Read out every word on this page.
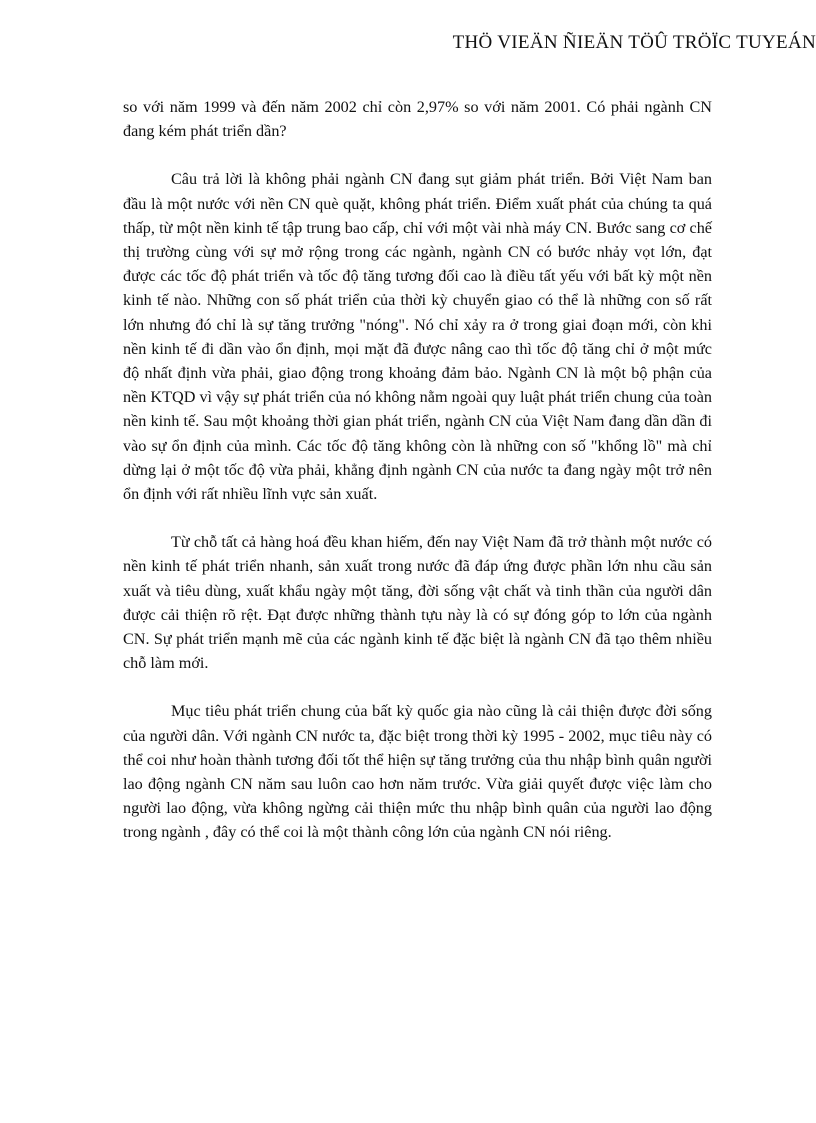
THÖ VIEÄN ÑIEÄN TÖÛ TRÖÏC TUYEÁN

so với năm 1999 và đến năm 2002 chỉ còn 2,97% so với năm 2001. Có phải ngành CN đang kém phát triển dần?

Câu trả lời là không phải ngành CN đang sụt giảm phát triển. Bởi Việt Nam ban đầu là một nước với nền CN què quặt, không phát triển. Điểm xuất phát của chúng ta quá thấp, từ một nền kinh tế tập trung bao cấp, chỉ với một vài nhà máy CN. Bước sang cơ chế thị trường cùng với sự mở rộng trong các ngành, ngành CN có bước nhảy vọt lớn, đạt được các tốc độ phát triển và tốc độ tăng tương đối cao là điều tất yếu với bất kỳ một nền kinh tế nào. Những con số phát triển của thời kỳ chuyển giao có thể là những con số rất lớn nhưng đó chỉ là sự tăng trưởng "nóng". Nó chỉ xảy ra ở trong giai đoạn mới, còn khi nền kinh tế đi dần vào ổn định, mọi mặt đã được nâng cao thì tốc độ tăng chỉ ở một mức độ nhất định vừa phải, giao động trong khoảng đảm bảo. Ngành CN là một bộ phận của nền KTQD vì vậy sự phát triển của nó không nằm ngoài quy luật phát triển chung của toàn nền kinh tế. Sau một khoảng thời gian phát triển, ngành CN của Việt Nam đang dần dần đi vào sự ổn định của mình. Các tốc độ tăng không còn là những con số "khổng lồ" mà chỉ dừng lại ở một tốc độ vừa phải, khẳng định ngành CN của nước ta đang ngày một trở nên ổn định với rất nhiều lĩnh vực sản xuất.

Từ chỗ tất cả hàng hoá đều khan hiếm, đến nay Việt Nam đã trở thành một nước có nền kinh tế phát triển nhanh, sản xuất trong nước đã đáp ứng được phần lớn nhu cầu sản xuất và tiêu dùng, xuất khẩu ngày một tăng, đời sống vật chất và tinh thần của người dân được cải thiện rõ rệt. Đạt được những thành tựu này là có sự đóng góp to lớn của ngành CN. Sự phát triển mạnh mẽ của các ngành kinh tế đặc biệt là ngành CN đã tạo thêm nhiều chỗ làm mới.

Mục tiêu phát triển chung của bất kỳ quốc gia nào cũng là cải thiện được đời sống của người dân. Với ngành CN nước ta, đặc biệt trong thời kỳ 1995 - 2002, mục tiêu này có thể coi như hoàn thành tương đối tốt thể hiện sự tăng trưởng của thu nhập bình quân người lao động ngành CN năm sau luôn cao hơn năm trước. Vừa giải quyết được việc làm cho người lao động, vừa không ngừng cải thiện mức thu nhập bình quân của người lao động trong ngành , đây có thể coi là một thành công lớn của ngành CN nói riêng.
